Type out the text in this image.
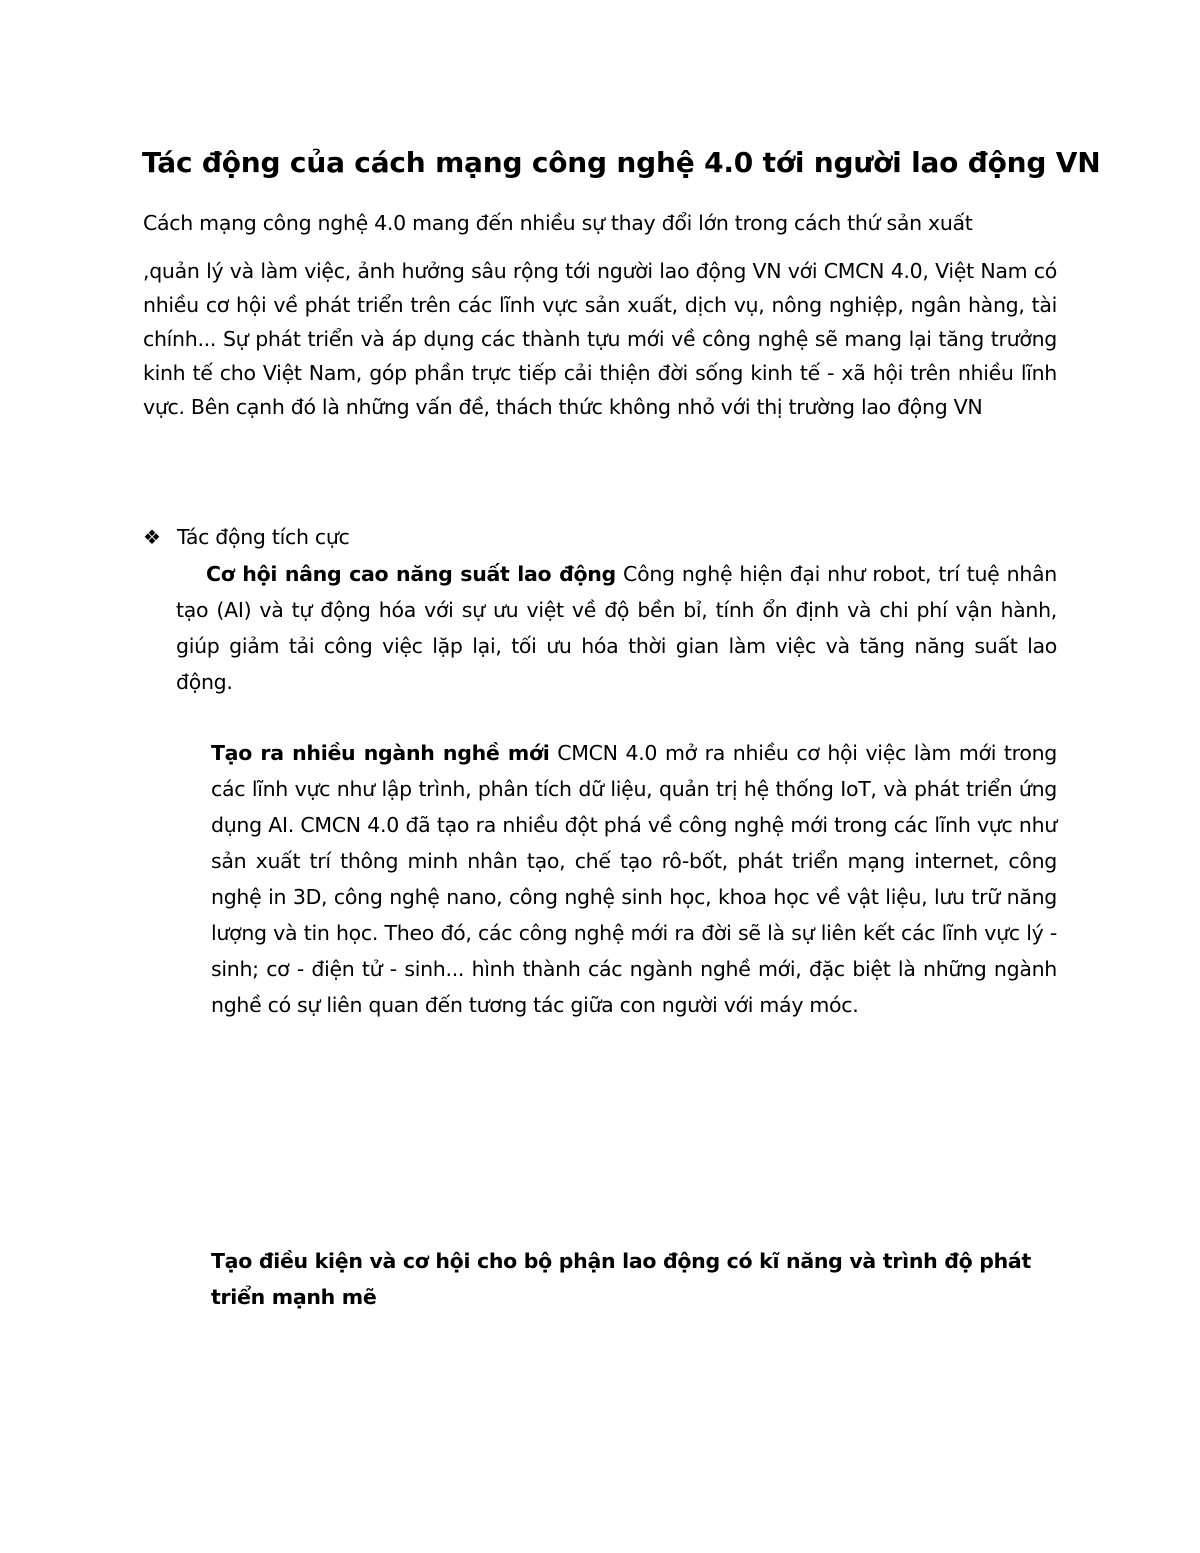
Tác động của cách mạng công nghệ 4.0 tới người lao động VN

Cách mạng công nghệ 4.0 mang đến nhiều sự thay đổi lớn trong cách thứ sản xuất

,quản lý và làm việc, ảnh hưởng sâu rộng tới người lao động VN với CMCN 4.0, Việt Nam có nhiều cơ hội về phát triển trên các lĩnh vực sản xuất, dịch vụ, nông nghiệp, ngân hàng, tài chính... Sự phát triển và áp dụng các thành tựu mới về công nghệ sẽ mang lại tăng trưởng kinh tế cho Việt Nam, góp phần trực tiếp cải thiện đời sống kinh tế - xã hội trên nhiều lĩnh vực. Bên cạnh đó là những vấn đề, thách thức không nhỏ với thị trường lao động VN

❖ Tác động tích cực

Cơ hội nâng cao năng suất lao động Công nghệ hiện đại như robot, trí tuệ nhân tạo (AI) và tự động hóa với sự ưu việt về độ bền bỉ, tính ổn định và chi phí vận hành, giúp giảm tải công việc lặp lại, tối ưu hóa thời gian làm việc và tăng năng suất lao động.

Tạo ra nhiều ngành nghề mới CMCN 4.0 mở ra nhiều cơ hội việc làm mới trong các lĩnh vực như lập trình, phân tích dữ liệu, quản trị hệ thống IoT, và phát triển ứng dụng AI. CMCN 4.0 đã tạo ra nhiều đột phá về công nghệ mới trong các lĩnh vực như sản xuất trí thông minh nhân tạo, chế tạo rô-bốt, phát triển mạng internet, công nghệ in 3D, công nghệ nano, công nghệ sinh học, khoa học về vật liệu, lưu trữ năng lượng và tin học. Theo đó, các công nghệ mới ra đời sẽ là sự liên kết các lĩnh vực lý - sinh; cơ - điện tử - sinh... hình thành các ngành nghề mới, đặc biệt là những ngành nghề có sự liên quan đến tương tác giữa con người với máy móc.

Tạo điều kiện và cơ hội cho bộ phận lao động có kĩ năng và trình độ phát triển mạnh mẽ
